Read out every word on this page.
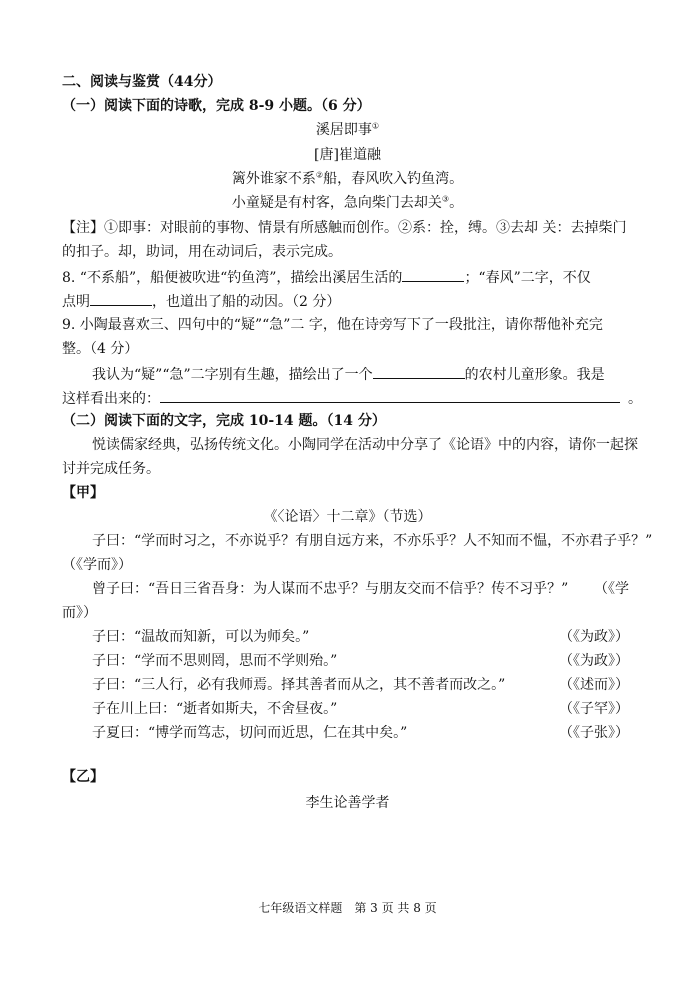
二、阅读与鉴赏（44分）
（一）阅读下面的诗歌，完成 8-9 小题。（6 分）
溪居即事①
[唐]崔道融
篱外谁家不系②船，春风吹入钓鱼湾。
小童疑是有村客，急向柴门去却关③。
【注】①即事：对眼前的事物、情景有所感触而创作。②系：拴，缚。③去却 关：去掉柴门
的扣子。却，助词，用在动词后，表示完成。
8. “不系船”，船便被吹进“钓鱼湾”，描绘出溪居生活的	；“春风”二字，不仅
点明	，也道出了船的动因。（2 分）
9. 小陶最喜欢三、四句中的“疑”“急”二 字，他在诗旁写下了一段批注，请你帮他补充完
整。（4 分）
我认为“疑”“急”二字别有生趣，描绘出了一个	的农村儿童形象。我是
这样看出来的：	。
（二）阅读下面的文字，完成 10-14 题。（14 分）
悦读儒家经典，弘扬传统文化。小陶同学在活动中分享了《论语》中的内容，请你一起探
讨并完成任务。
【甲】
《〈论语〉十二章》（节选）
子曰：“学而时习之，不亦说乎？有朋自远方来，不亦乐乎？人不知而不愠，不亦君子乎？”
（《学而》）
曾子曰：“吾日三省吾身：为人谋而不忠乎？与朋友交而不信乎？传不习乎？” （《学
而》）
子曰：“温故而知新，可以为师矣。”	（《为政》）
子曰：“学而不思则罔，思而不学则殆。”	（《为政》）
子曰：“三人行，必有我师焉。择其善者而从之，其不善者而改之。”	（《述而》）
子在川上曰：“逝者如斯夫，不舍昼夜。”	（《子罕》）
子夏曰：“博学而笃志，切问而近思，仁在其中矣。”	（《子张》）
【乙】
李生论善学者
七年级语文样题　第 3 页 共 8 页
